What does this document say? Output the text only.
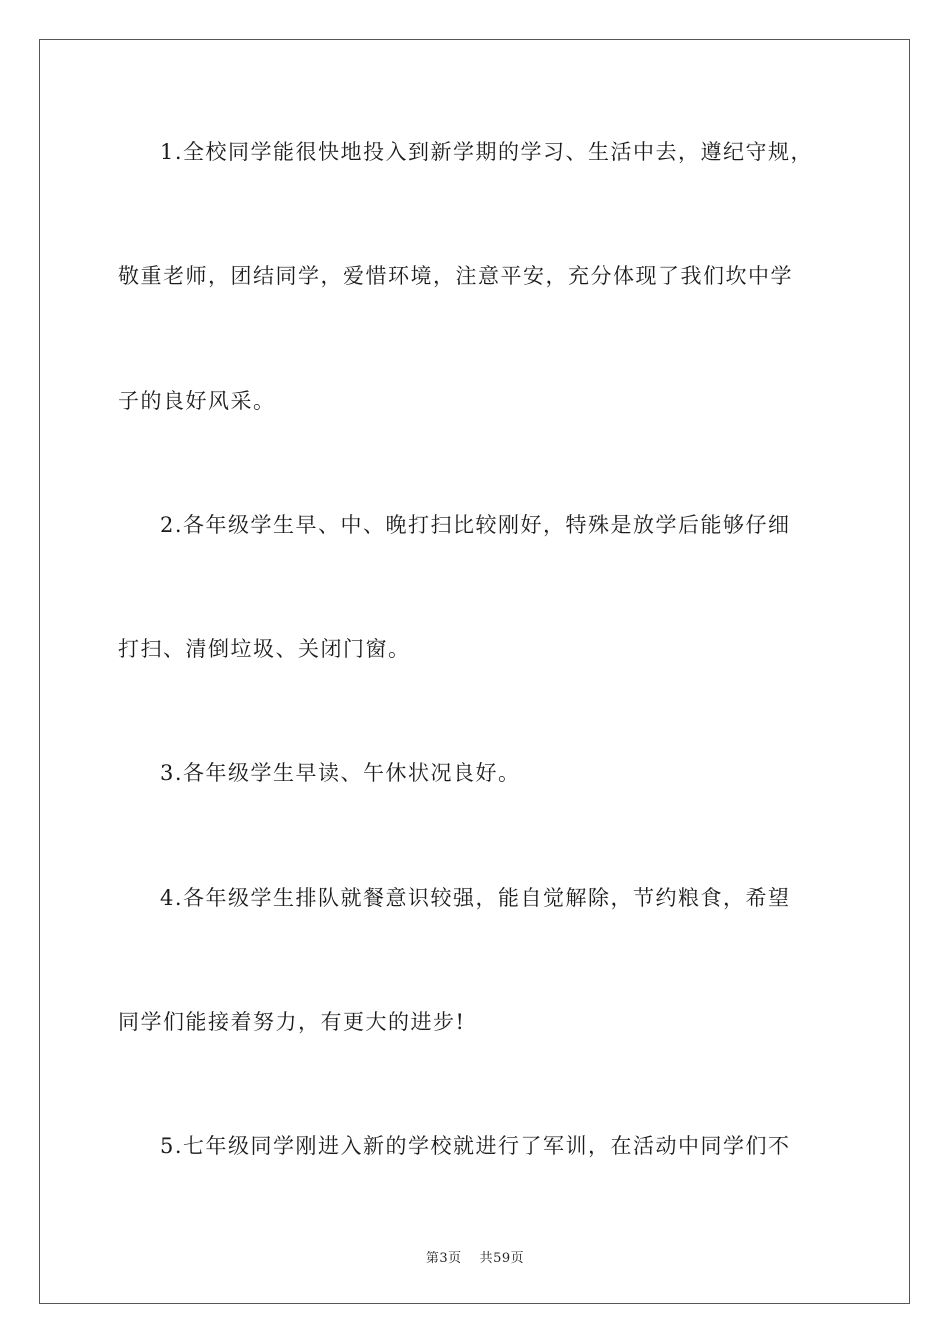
1.全校同学能很快地投入到新学期的学习、生活中去，遵纪守规，
敬重老师，团结同学，爱惜环境，注意平安，充分体现了我们坎中学
子的良好风采。
2.各年级学生早、中、晚打扫比较刚好，特殊是放学后能够仔细
打扫、清倒垃圾、关闭门窗。
3.各年级学生早读、午休状况良好。
4.各年级学生排队就餐意识较强，能自觉解除，节约粮食，希望
同学们能接着努力，有更大的进步!
5.七年级同学刚进入新的学校就进行了军训，在活动中同学们不
第3页 共59页
